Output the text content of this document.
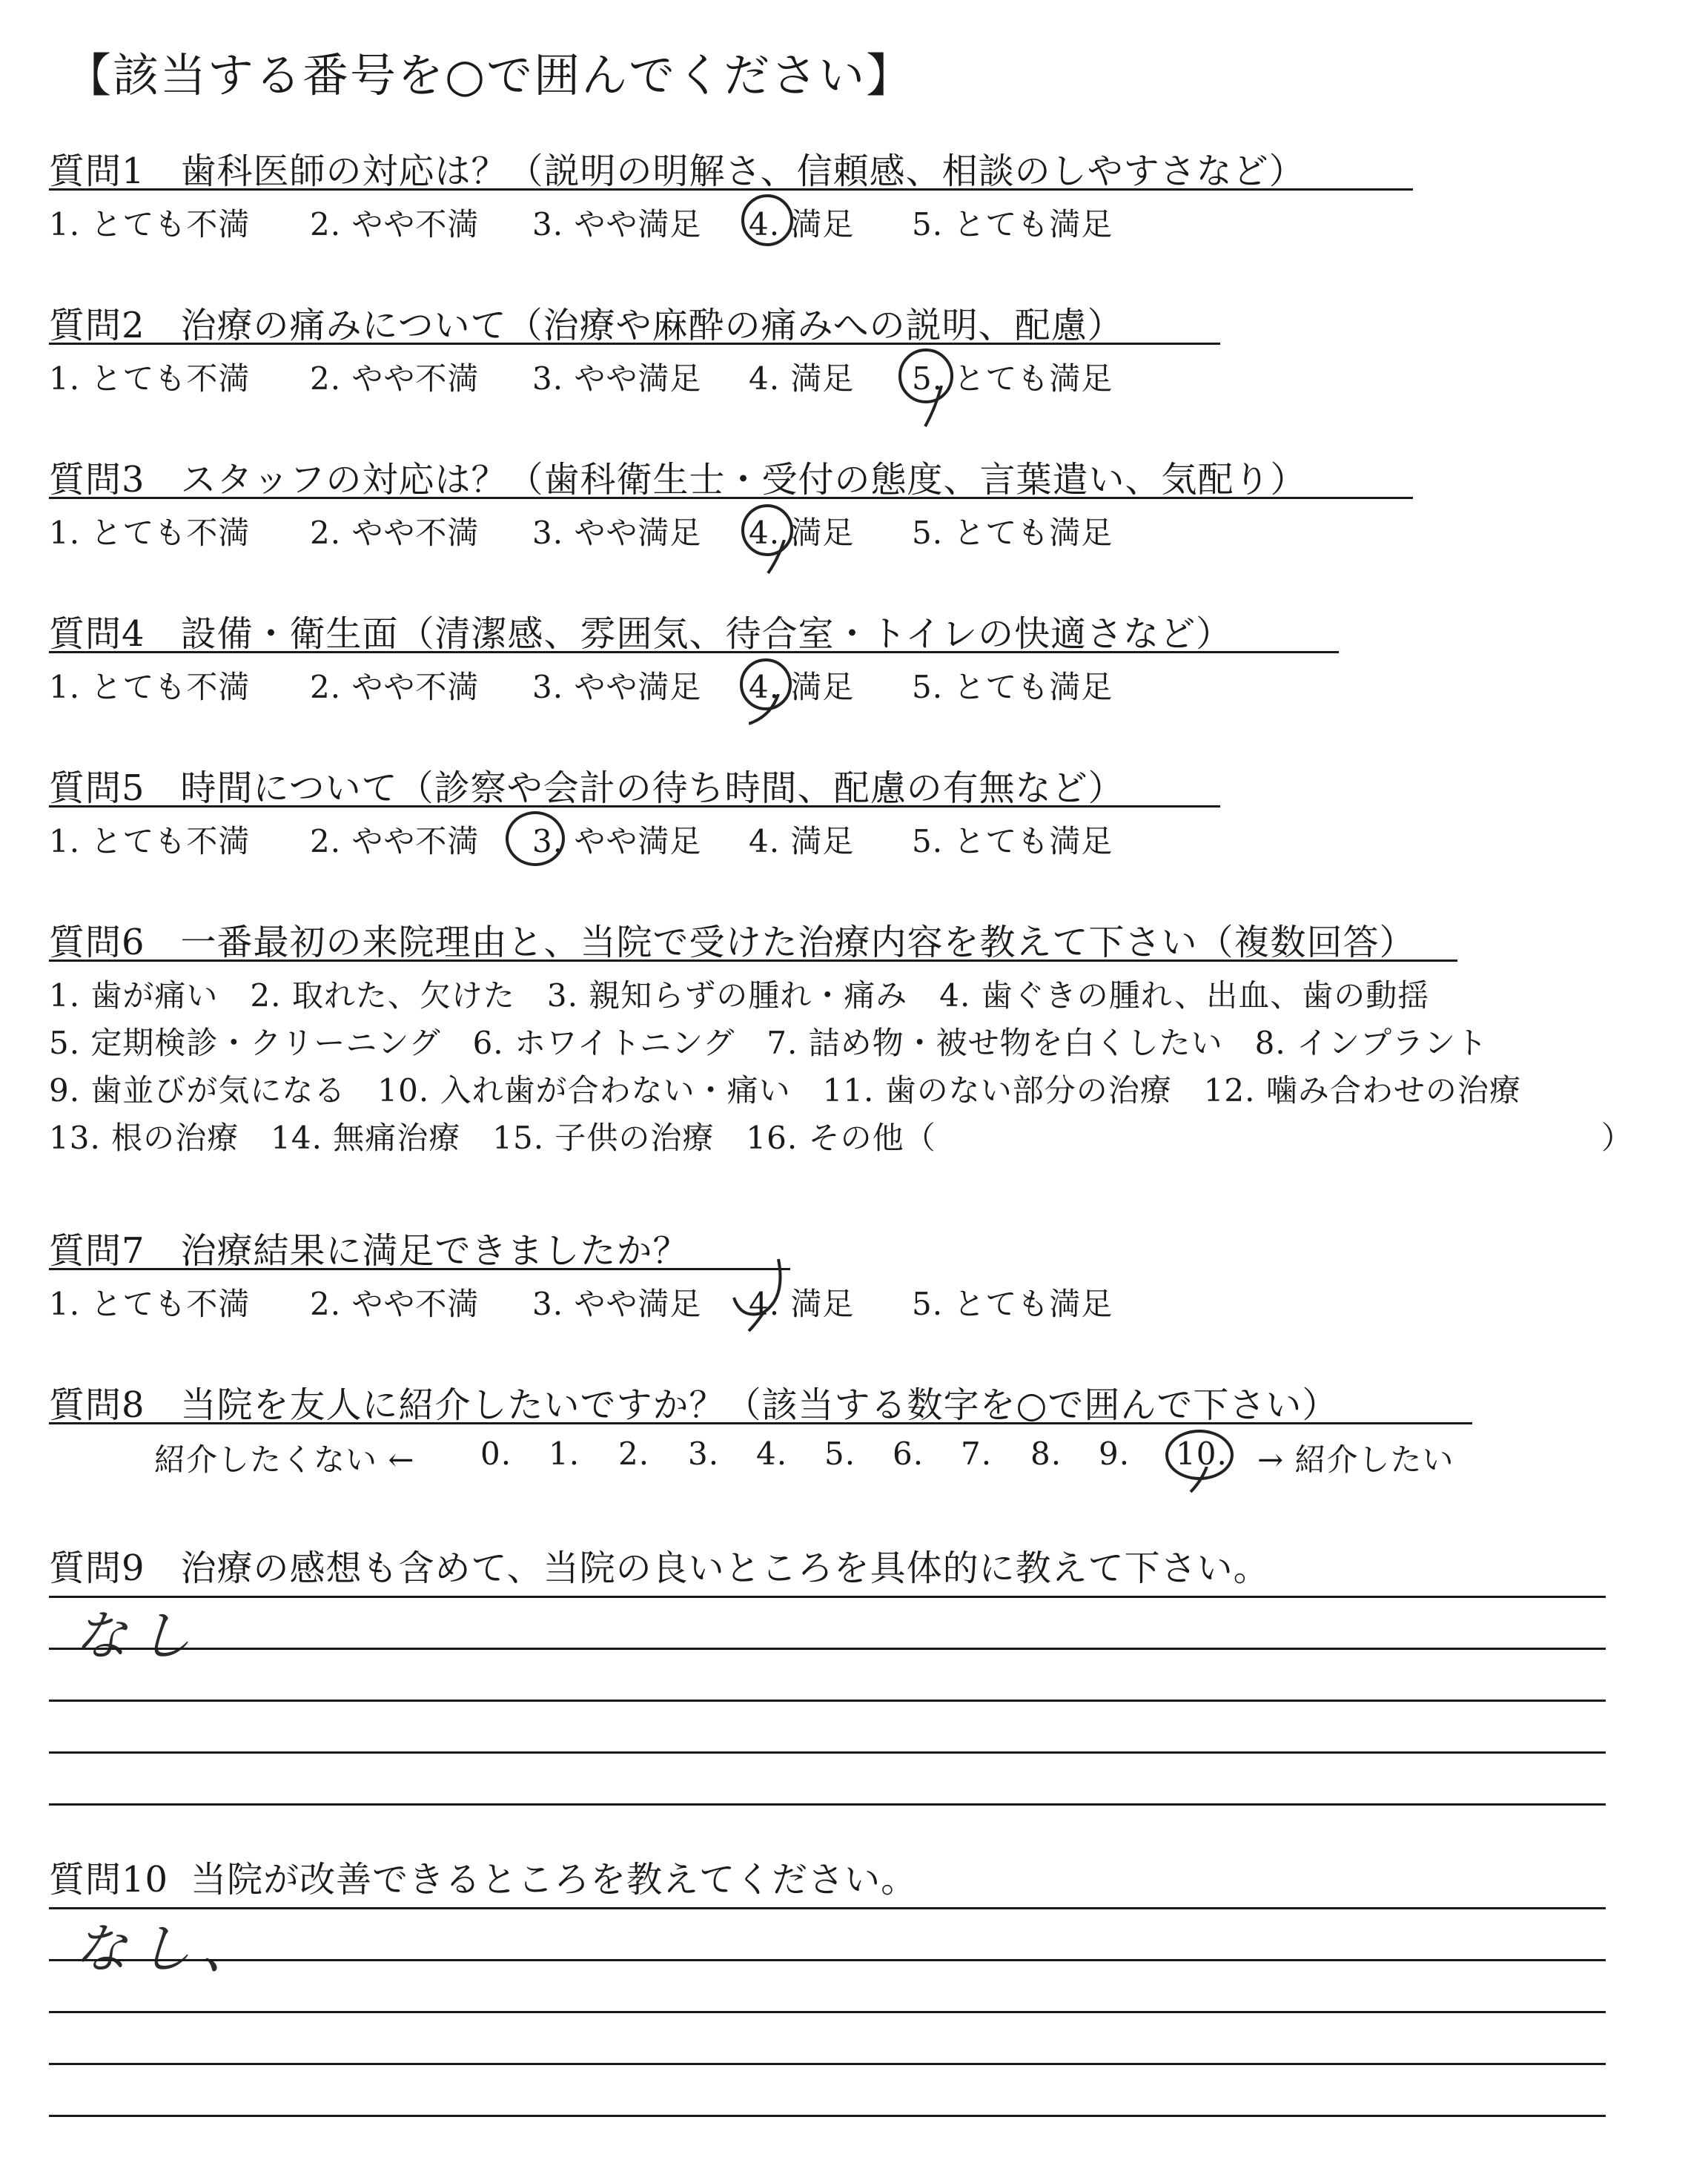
【該当する番号を○で囲んでください】
質問1 歯科医師の対応は？（説明の明解さ、信頼感、相談のしやすさなど）
1. とても不満 2. やや不満 3. やや満足 4. 満足 5. とても満足
質問2 治療の痛みについて（治療や麻酔の痛みへの説明、配慮）
1. とても不満 2. やや不満 3. やや満足 4. 満足 5. とても満足
質問3 スタッフの対応は？（歯科衛生士・受付の態度、言葉遣い、気配り）
1. とても不満 2. やや不満 3. やや満足 4. 満足 5. とても満足
質問4 設備・衛生面（清潔感、雰囲気、待合室・トイレの快適さなど）
1. とても不満 2. やや不満 3. やや満足 4. 満足 5. とても満足
質問5 時間について（診察や会計の待ち時間、配慮の有無など）
1. とても不満 2. やや不満 3. やや満足 4. 満足 5. とても満足
質問6 一番最初の来院理由と、当院で受けた治療内容を教えて下さい（複数回答）
1. 歯が痛い　2. 取れた、欠けた　3. 親知らずの腫れ・痛み　4. 歯ぐきの腫れ、出血、歯の動揺
5. 定期検診・クリーニング　6. ホワイトニング　7. 詰め物・被せ物を白くしたい　8. インプラント
9. 歯並びが気になる　10. 入れ歯が合わない・痛い　11. 歯のない部分の治療　12. 噛み合わせの治療
13. 根の治療　14. 無痛治療　15. 子供の治療　16. その他（	）
質問7 治療結果に満足できましたか？
1. とても不満 2. やや不満 3. やや満足 4. 満足 5. とても満足
質問8 当院を友人に紹介したいですか？（該当する数字を○で囲んで下さい）
紹介したくない ← 0. 1. 2. 3. 4. 5. 6. 7. 8. 9. 10. → 紹介したい
質問9 治療の感想も含めて、当院の良いところを具体的に教えて下さい。
なし
質問10 当院が改善できるところを教えてください。
なし、
